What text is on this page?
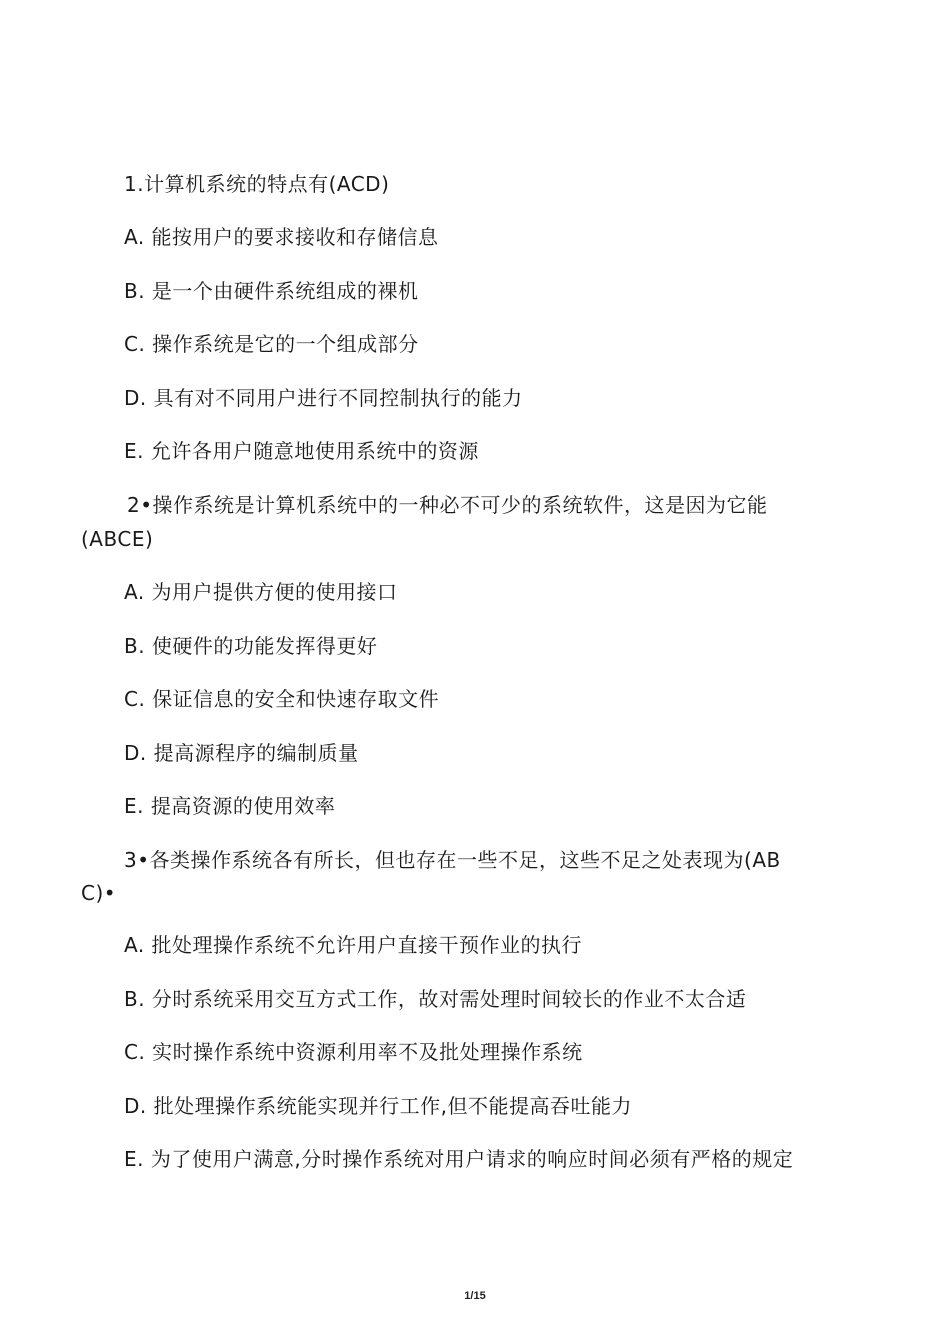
1.计算机系统的特点有(ACD)
A. 能按用户的要求接收和存储信息
B. 是一个由硬件系统组成的裸机
C. 操作系统是它的一个组成部分
D. 具有对不同用户进行不同控制执行的能力
E. 允许各用户随意地使用系统中的资源
2•操作系统是计算机系统中的一种必不可少的系统软件，这是因为它能
(ABCE)
A. 为用户提供方便的使用接口
B. 使硬件的功能发挥得更好
C. 保证信息的安全和快速存取文件
D. 提高源程序的编制质量
E. 提高资源的使用效率
3•各类操作系统各有所长，但也存在一些不足，这些不足之处表现为(AB
C)•
A. 批处理操作系统不允许用户直接干预作业的执行
B. 分时系统采用交互方式工作，故对需处理时间较长的作业不太合适
C. 实时操作系统中资源利用率不及批处理操作系统
D. 批处理操作系统能实现并行工作,但不能提高吞吐能力
E. 为了使用户满意,分时操作系统对用户请求的响应时间必须有严格的规定
1/15
